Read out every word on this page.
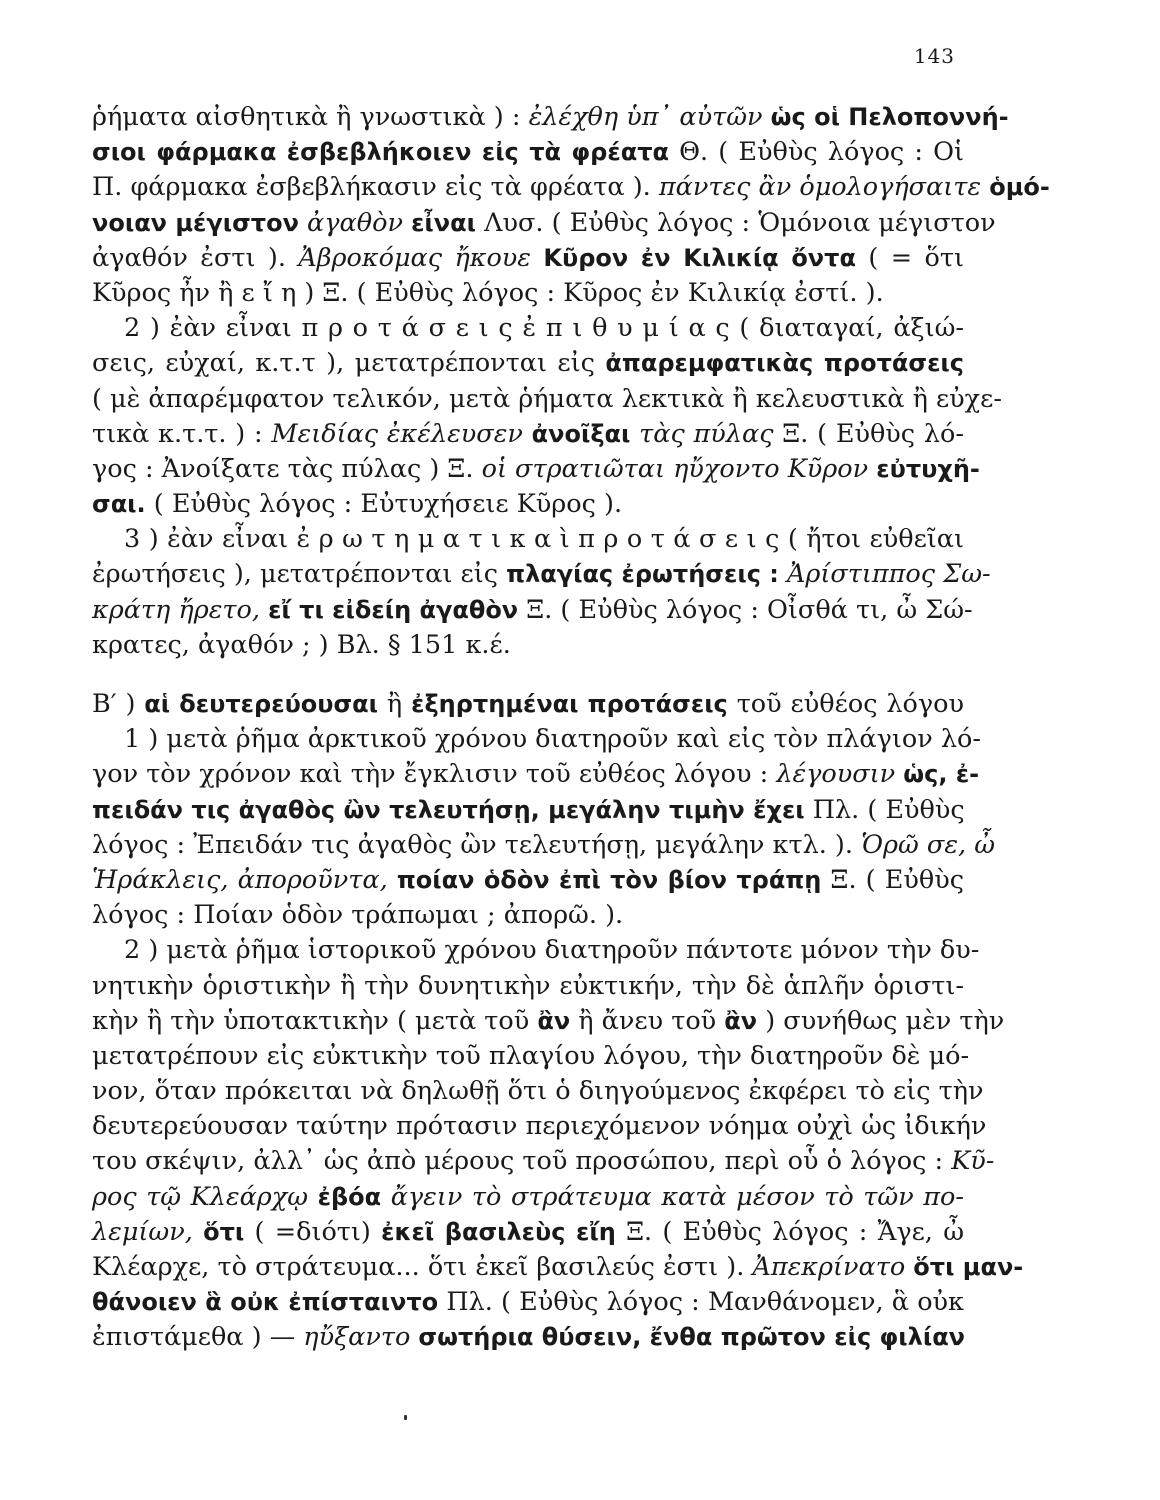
143
ῥήματα αἰσθητικὰ ἢ γνωστικὰ ) : ἐλέχθη ὑπ᾽ αὐτῶν ὡς οἱ Πελοποννή-
σιοι φάρμακα ἐσβεβλήκοιεν εἰς τὰ φρέατα Θ. ( Εὐθὺς λόγος : Οἱ
Π. φάρμακα ἐσβεβλήκασιν εἰς τὰ φρέατα ). πάντες ἂν ὁμολογήσαιτε ὁμό-
νοιαν μέγιστον ἀγαθὸν εἶναι Λυσ. ( Εὐθὺς λόγος : Ὁμόνοια μέγιστον
ἀγαθόν ἐστι ). Ἀβροκόμας ἤκουε Κῦρον ἐν Κιλικίᾳ ὄντα ( = ὅτι
Κῦρος ἦν ἢ ε ἴ η ) Ξ. ( Εὐθὺς λόγος : Κῦρος ἐν Κιλικίᾳ ἐστί. ).
2 ) ἐὰν εἶναι π ρ ο τ ά σ ε ι ς ἐ π ι θ υ μ ί α ς ( διαταγαί, ἀξιώ-
σεις, εὐχαί, κ.τ.τ ), μετατρέπονται εἰς ἀπαρεμφατικὰς προτάσεις
( μὲ ἀπαρέμφατον τελικόν, μετὰ ῥήματα λεκτικὰ ἢ κελευστικὰ ἢ εὐχε-
τικὰ κ.τ.τ. ) : Μειδίας ἐκέλευσεν ἀνοῖξαι τὰς πύλας Ξ. ( Εὐθὺς λό-
γος : Ἀνοίξατε τὰς πύλας ) Ξ. οἱ στρατιῶται ηὔχοντο Κῦρον εὐτυχῆ-
σαι. ( Εὐθὺς λόγος : Εὐτυχήσειε Κῦρος ).
3 ) ἐὰν εἶναι ἐ ρ ω τ η μ α τ ι κ α ὶ π ρ ο τ ά σ ε ι ς ( ἤτοι εὐθεῖαι
ἐρωτήσεις ), μετατρέπονται εἰς πλαγίας ἐρωτήσεις : Ἀρίστιππος Σω-
κράτη ἤρετο, εἴ τι εἰδείη ἀγαθὸν Ξ. ( Εὐθὺς λόγος : Οἶσθά τι, ὦ Σώ-
κρατες, ἀγαθόν ; ) Βλ. § 151 κ.έ.
Β′ ) αἱ δευτερεύουσαι ἢ ἐξηρτημέναι προτάσεις τοῦ εὐθέος λόγου
1 ) μετὰ ῥῆμα ἀρκτικοῦ χρόνου διατηροῦν καὶ εἰς τὸν πλάγιον λό-
γον τὸν χρόνον καὶ τὴν ἔγκλισιν τοῦ εὐθέος λόγου : λέγουσιν ὡς, ἐ-
πειδάν τις ἀγαθὸς ὢν τελευτήσῃ, μεγάλην τιμὴν ἔχει Πλ. ( Εὐθὺς
λόγος : Ἐπειδάν τις ἀγαθὸς ὢν τελευτήσῃ, μεγάλην κτλ. ). Ὁρῶ σε, ὦ
Ἡράκλεις, ἀποροῦντα, ποίαν ὁδὸν ἐπὶ τὸν βίον τράπῃ Ξ. ( Εὐθὺς
λόγος : Ποίαν ὁδὸν τράπωμαι ; ἀπορῶ. ).
2 ) μετὰ ῥῆμα ἱστορικοῦ χρόνου διατηροῦν πάντοτε μόνον τὴν δυ-
νητικὴν ὁριστικὴν ἢ τὴν δυνητικὴν εὐκτικήν, τὴν δὲ ἁπλῆν ὁριστι-
κὴν ἢ τὴν ὑποτακτικὴν ( μετὰ τοῦ ἂν ἢ ἄνευ τοῦ ἂν ) συνήθως μὲν τὴν
μετατρέπουν εἰς εὐκτικὴν τοῦ πλαγίου λόγου, τὴν διατηροῦν δὲ μό-
νον, ὅταν πρόκειται νὰ δηλωθῇ ὅτι ὁ διηγούμενος ἐκφέρει τὸ εἰς τὴν
δευτερεύουσαν ταύτην πρότασιν περιεχόμενον νόημα οὐχὶ ὡς ἰδικήν
του σκέψιν, ἀλλ᾽ ὡς ἀπὸ μέρους τοῦ προσώπου, περὶ οὗ ὁ λόγος : Κῦ-
ρος τῷ Κλεάρχῳ ἐβόα ἄγειν τὸ στράτευμα κατὰ μέσον τὸ τῶν πο-
λεμίων, ὅτι ( =διότι) ἐκεῖ βασιλεὺς εἴη Ξ. ( Εὐθὺς λόγος : Ἄγε, ὦ
Κλέαρχε, τὸ στράτευμα... ὅτι ἐκεῖ βασιλεύς ἐστι ). Ἀπεκρίνατο ὅτι μαν-
θάνοιεν ἃ οὐκ ἐπίσταιντο Πλ. ( Εὐθὺς λόγος : Μανθάνομεν, ἃ οὐκ
ἐπιστάμεθα ) — ηὔξαντο σωτήρια θύσειν, ἔνθα πρῶτον εἰς φιλίαν
